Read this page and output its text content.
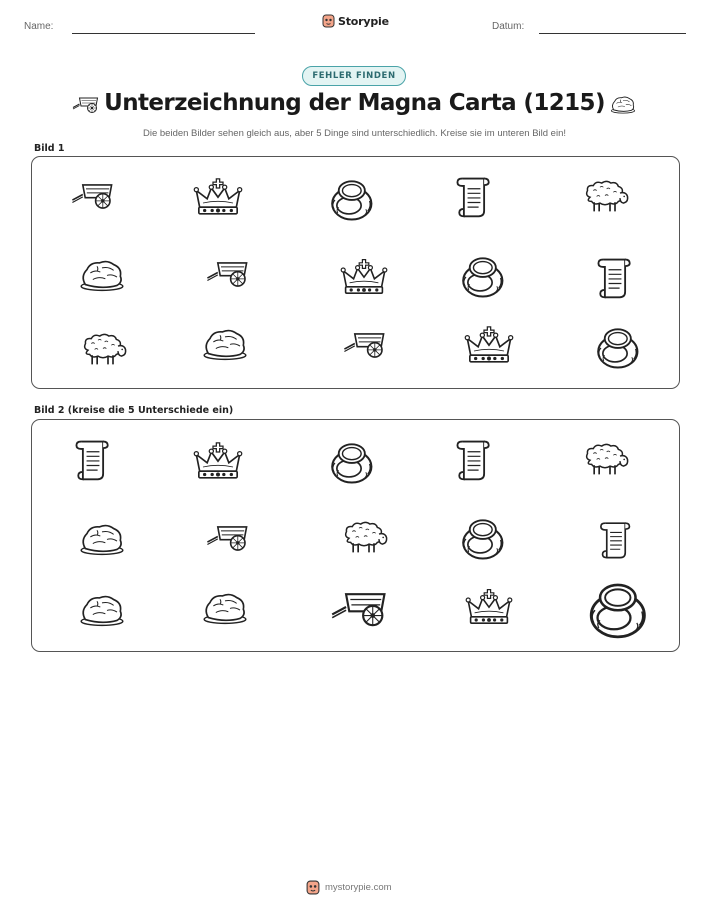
Name:	Storypie	Datum:
FEHLER FINDEN
Unterzeichnung der Magna Carta (1215)
Die beiden Bilder sehen gleich aus, aber 5 Dinge sind unterschiedlich. Kreise sie im unteren Bild ein!
Bild 1
Bild 2 (kreise die 5 Unterschiede ein)
mystorypie.com
